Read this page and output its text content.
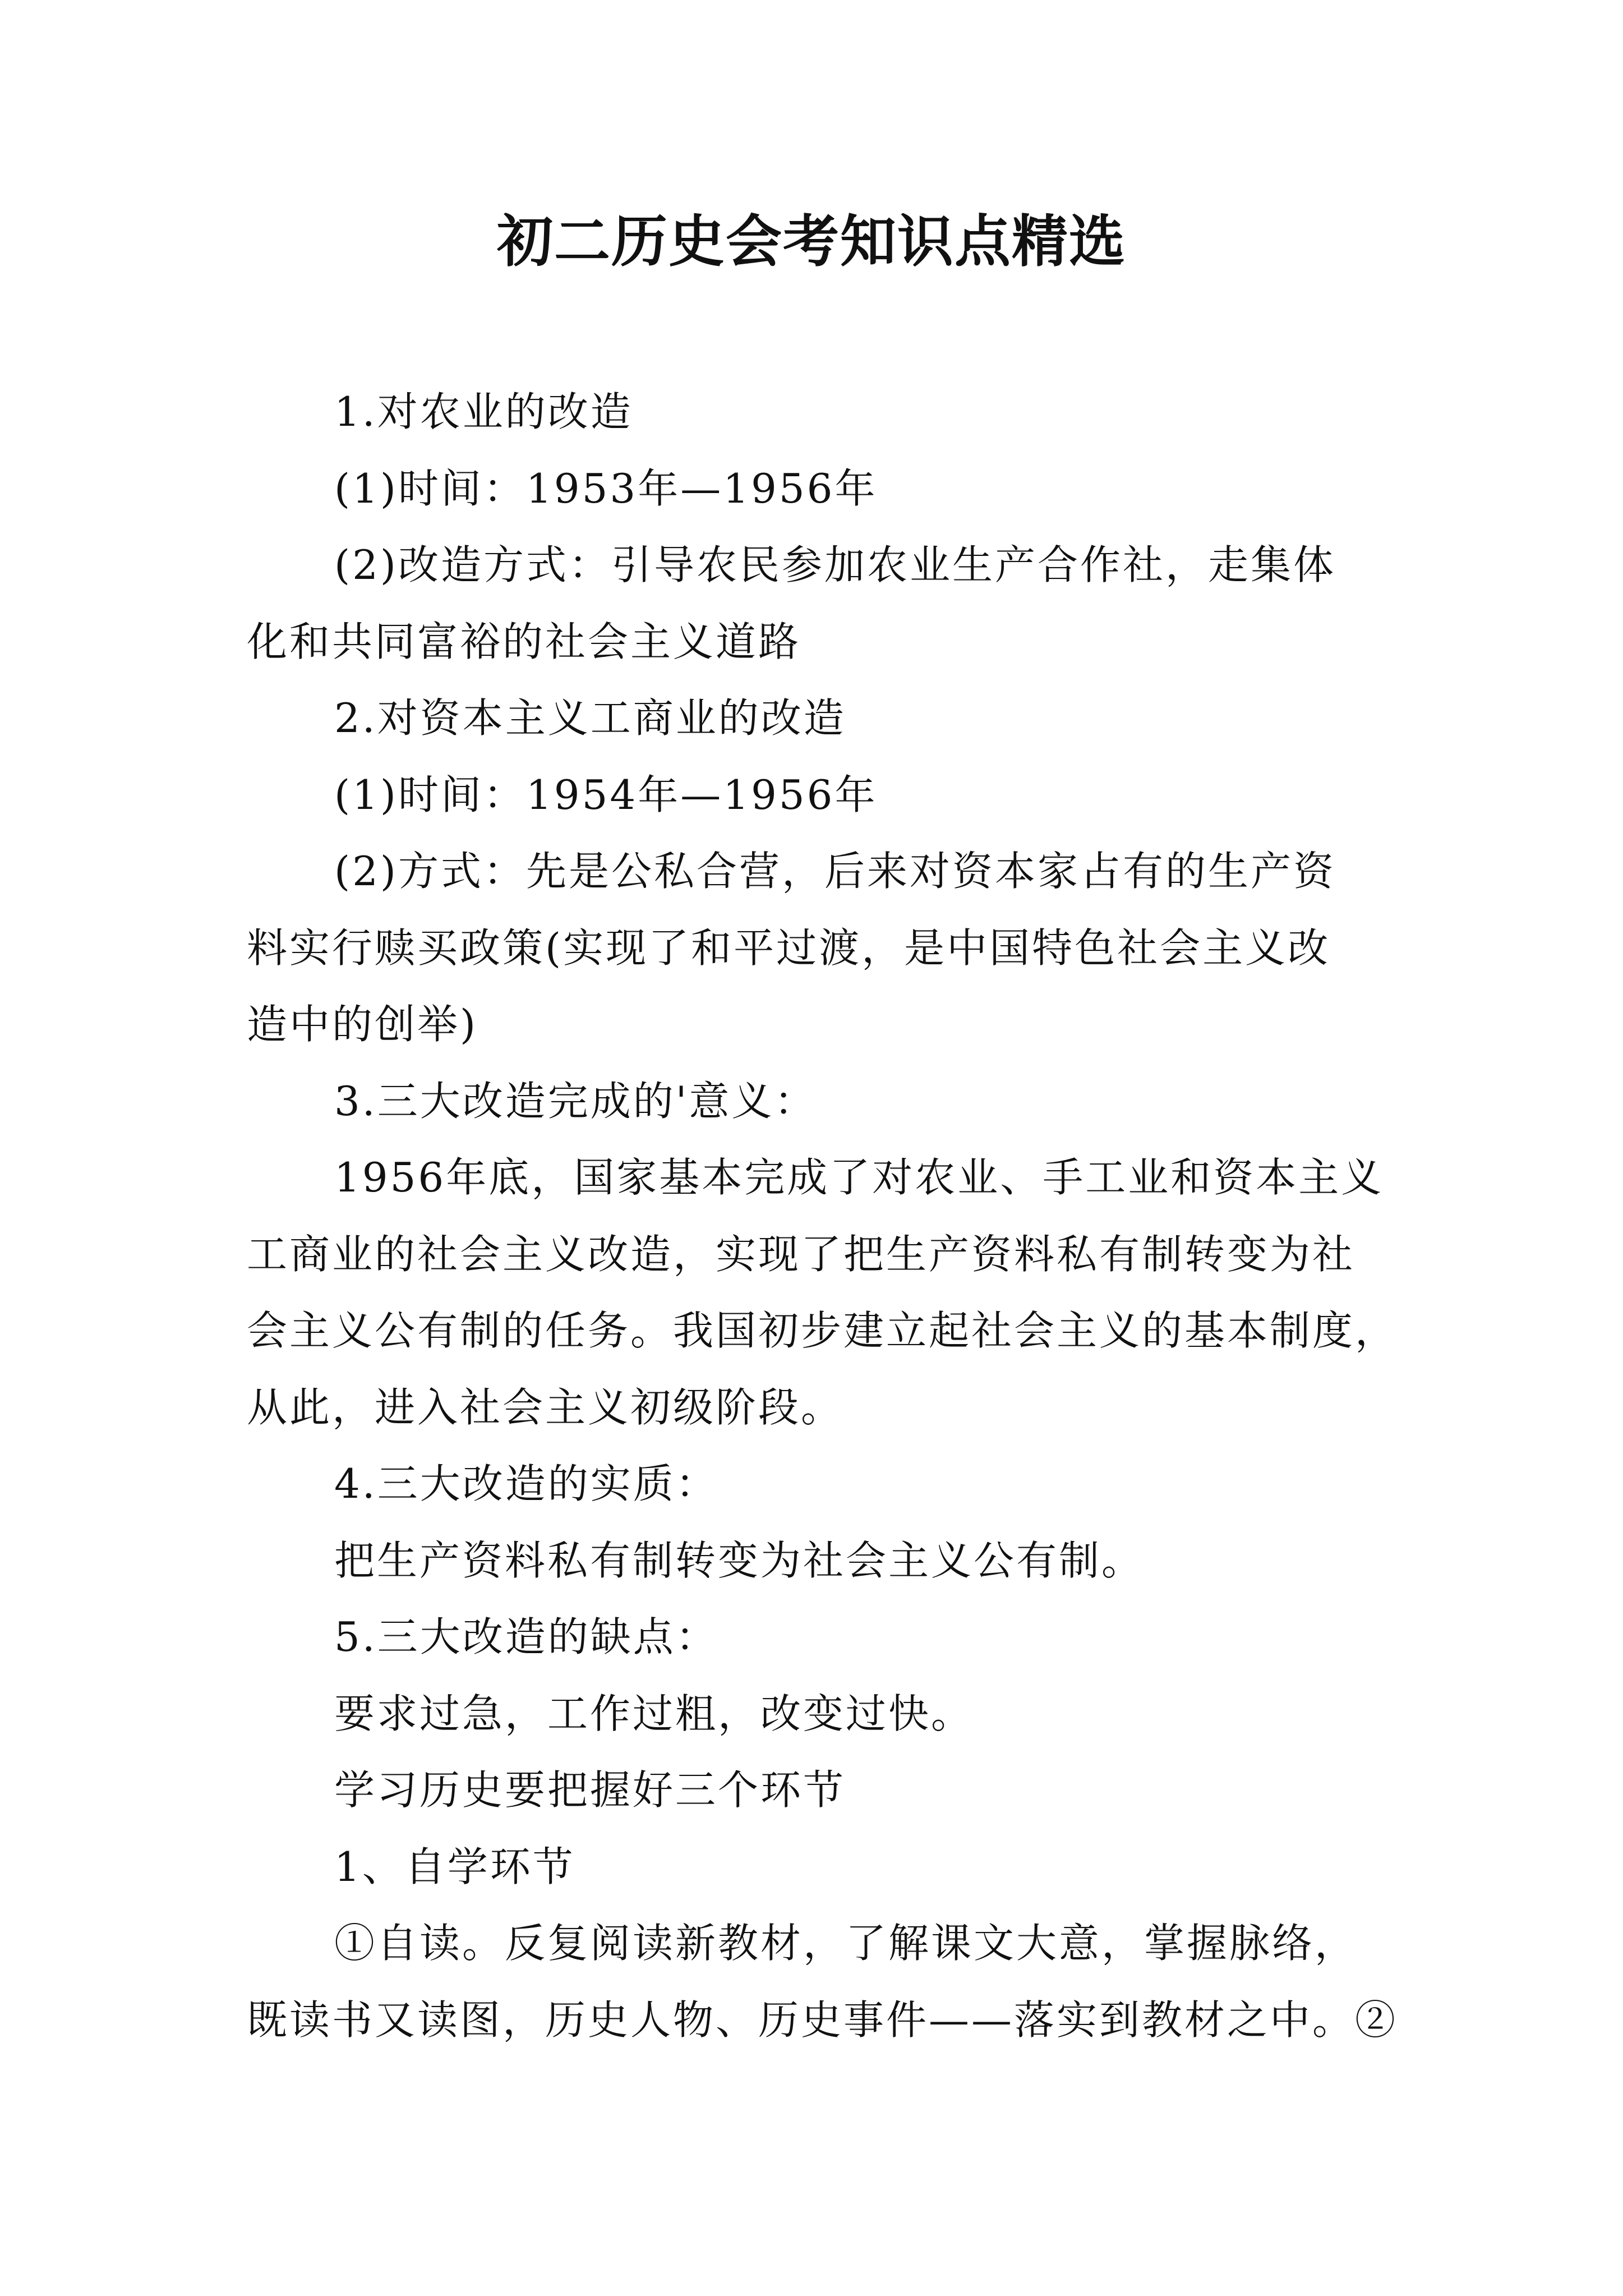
初二历史会考知识点精选

1.对农业的改造

(1)时间：1953年—1956年

(2)改造方式：引导农民参加农业生产合作社，走集体

化和共同富裕的社会主义道路

2.对资本主义工商业的改造

(1)时间：1954年—1956年

(2)方式：先是公私合营，后来对资本家占有的生产资

料实行赎买政策(实现了和平过渡，是中国特色社会主义改

造中的创举)

3.三大改造完成的'意义：

1956年底，国家基本完成了对农业、手工业和资本主义

工商业的社会主义改造，实现了把生产资料私有制转变为社

会主义公有制的任务。我国初步建立起社会主义的基本制度，

从此，进入社会主义初级阶段。

4.三大改造的实质：

把生产资料私有制转变为社会主义公有制。

5.三大改造的缺点：

要求过急，工作过粗，改变过快。

学习历史要把握好三个环节

1、自学环节

①自读。反复阅读新教材，了解课文大意，掌握脉络，

既读书又读图，历史人物、历史事件——落实到教材之中。②
